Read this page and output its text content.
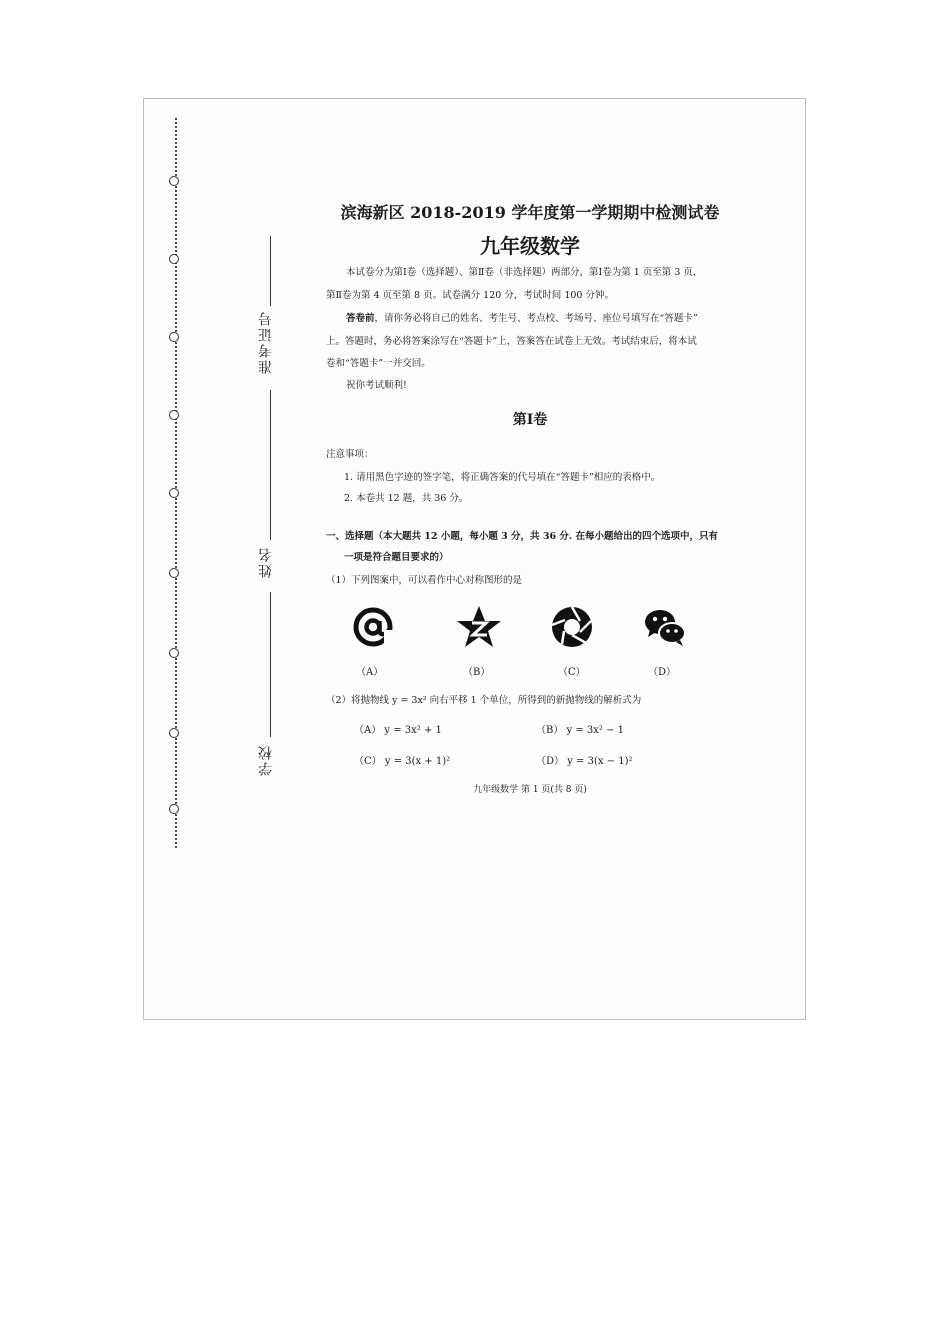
准考证号
姓名
学校
滨海新区 2018-2019 学年度第一学期期中检测试卷
九年级数学
本试卷分为第Ⅰ卷（选择题）、第Ⅱ卷（非选择题）两部分，第Ⅰ卷为第 1 页至第 3 页，
第Ⅱ卷为第 4 页至第 8 页。试卷满分 120 分，考试时间 100 分钟。
答卷前，请你务必将自己的姓名、考生号、考点校、考场号、座位号填写在“答题卡”
上。答题时，务必将答案涂写在“答题卡”上，答案答在试卷上无效。考试结束后，将本试
卷和“答题卡”一并交回。
祝你考试顺利!
第Ⅰ卷
注意事项：
1. 请用黑色字迹的签字笔，将正确答案的代号填在“答题卡”相应的表格中。
2. 本卷共 12 题，共 36 分。
一、选择题（本大题共 12 小题，每小题 3 分，共 36 分. 在每小题给出的四个选项中，只有
一项是符合题目要求的）
（1）下列图案中，可以看作中心对称图形的是
（A）	（B）	（C）	（D）
（2）将抛物线 y = 3x² 向右平移 1 个单位，所得到的新抛物线的解析式为
（A） y = 3x² + 1	（B） y = 3x² − 1
（C） y = 3(x + 1)²	（D） y = 3(x − 1)²
九年级数学 第 1 页(共 8 页)
